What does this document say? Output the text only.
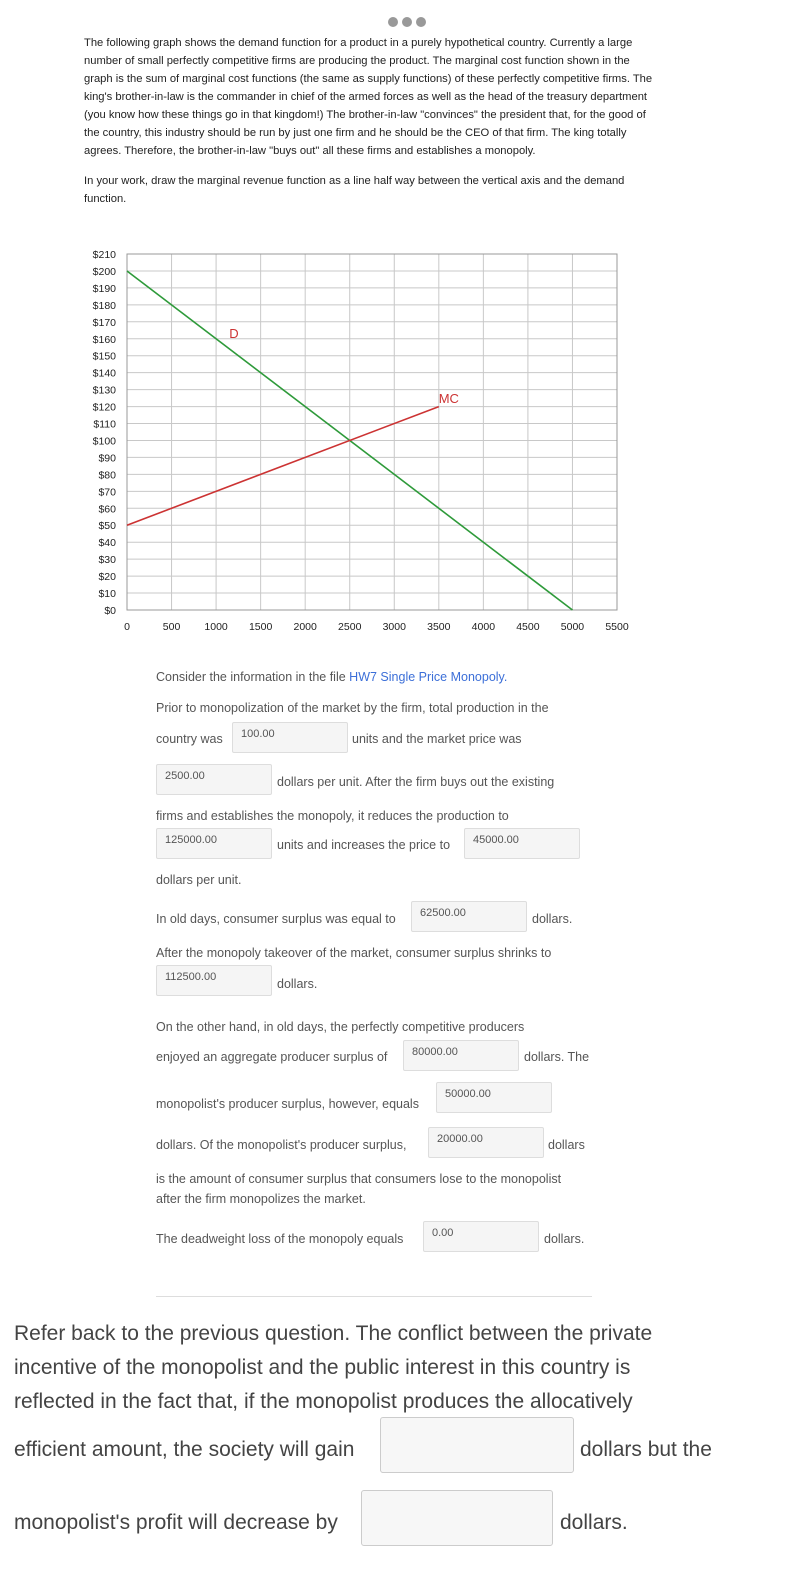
The following graph shows the demand function for a product in a purely hypothetical country. Currently a large number of small perfectly competitive firms are producing the product. The marginal cost function shown in the graph is the sum of marginal cost functions (the same as supply functions) of these perfectly competitive firms. The king's brother-in-law is the commander in chief of the armed forces as well as the head of the treasury department (you know how these things go in that kingdom!) The brother-in-law "convinces" the president that, for the good of the country, this industry should be run by just one firm and he should be the CEO of that firm. The king totally agrees. Therefore, the brother-in-law "buys out" all these firms and establishes a monopoly.

In your work, draw the marginal revenue function as a line half way between the vertical axis and the demand function.

$0
$10
$20
$30
$40
$50
$60
$70
$80
$90
$100
$110
$120
$130
$140
$150
$160
$170
$180
$190
$200
$210
0	500 1000 1500 2000 2500 3000 3500 4000 4500 5000 5500
D
MC
Consider the information in the file HW7 Single Price Monopoly.
Prior to monopolization of the market by the firm, total production in the
country was	100.00	units and the market price was
2500.00	dollars per unit. After the firm buys out the existing
firms and establishes the monopoly, it reduces the production to
125000.00	units and increases the price to	45000.00
dollars per unit.
In old days, consumer surplus was equal to	62500.00	dollars.
After the monopoly takeover of the market, consumer surplus shrinks to
112500.00	dollars.
On the other hand, in old days, the perfectly competitive producers
enjoyed an aggregate producer surplus of	80000.00	dollars. The
monopolist's producer surplus, however, equals
50000.00
dollars. Of the monopolist's producer surplus,	20000.00	dollars
is the amount of consumer surplus that consumers lose to the monopolist
after the firm monopolizes the market.
The deadweight loss of the monopoly equals	0.00	dollars.
Refer back to the previous question. The conflict between the private
incentive of the monopolist and the public interest in this country is
reflected in the fact that, if the monopolist produces the allocatively
efficient amount, the society will gain	dollars but the
monopolist's profit will decrease by	dollars.
